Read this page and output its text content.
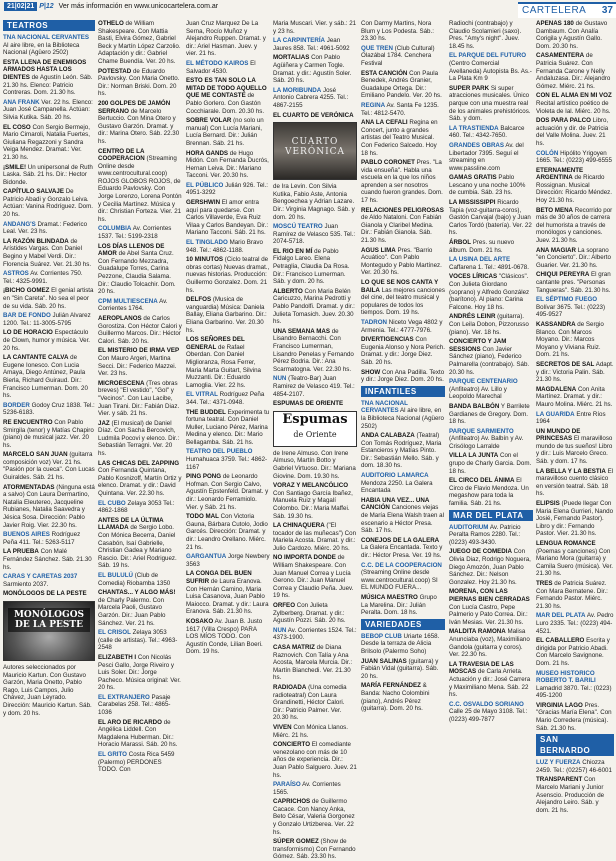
21|02|21 P|12 Ver más información en www.unicocartelera.com.ar	CARTELERA 37
TEATROS
TNA NACIONAL CERVANTES Al aire libre, en la Biblioteca Nacional (Agüero 2502)
ESTA LLENA DE ENEMIGOS ARMADOS HASTA LOS DIENTES de Agustín León. Sáb. 21.30 hs. Elenco: Patricio Contreras. Dom. 21.30 hs.
ANA FRANK Ver. 22 hs. Elenco: Juan José Campanella. Actúan: Silvia Kutika. Sáb. 20 hs.
EL COSO Con Sergio Bermejo, Mario Cimaroli, Natalia Fuertes, Giuliana Regazzoni y Sandra Veiga Mendez. Dramat.: Ver. 21.30 hs.
¡SMILE! Un unipersonal de Ruth Laska. Sáb. 21 hs. Dir.: Hector Bidonde.
CAPÍTULO SALVAJE De Patricio Abadi y Gonzalo Leiva. Actúan: Vanina Rodríguez. Dom. 20 hs.
ANDANG'S Dramat.: Federico Leal. Ver. 23 hs.
LA RAZÓN BLINDADA de Arístides Vargas. Con Daniel Begino y Mabel Verdi. Dir.: Florencia Suárez. Ver. 21.30 hs.
ASTROS Av. Corrientes 750. Tel.: 4325-9991.
¡BICHO GOMEZ El genial artista en "Sin Careta". No sea el peor de su vida. Sáb. 20 hs.
BAR DE FONDO Julián Alvarez 1200. Tel.: 11-3005-5795
LO DE HORACIO Espectáculo de Clown, humor y música. Ver. 20 hs.
LA CANTANTE CALVA de Eugene Ionesco. Con Lucia Amaya, Diego Antúnez, Paula Bierla, Richard Guiraud. Dir.: Francisco Lumerman. Dom. 20 hs.
BORDER Godoy Cruz 1838. Tel.: 5236-6183.
RE ENCUENTRO Con Pablo Smirgila (tenor) y Matías Chapiro (piano) de musical jazz. Ver. 20 hs.
MARCELO SAN JUAN (guitarra composición voz) Ver. 21 hs. "Pasión por la cueca". Con Lucas Guiraldes. Sáb. 21 hs.
ATORMENTADAS (Ninguna está a salvo) Con Laura Dermartino, Natalia Eleutereo, Jacqueline Rubianes, Natalia Saavedra y Jésica Sosa. Dirección: Pablo Javier Roig. Vier. 22.30 hs.
BUENOS AIRES Rodríguez Peña 411. Tel.: 5263-5117
LA PRUEBA Con Malé Fernández Sánchez. Sáb. 21.30 hs.
CARAS Y CARETAS 2037 Sarmiento 2037.
MONÓLOGOS DE LA PESTE
MONÓLOGOS DE LA PESTE
Autores seleccionados por Mauricio Kartun. Con Gustavo Garzón, Maria Onetto, Pablo Rago, Luis Campos, Julio Chávez, Juan Leyrado. Dirección: Mauricio Kartun. Sáb. y dom. 20 hs.
OTHELO de William Shakespeare. Con Mattia Basti, Elvira Gómez, Gabriel Beck y Martín López Carzolio. Adaptación y dir.: Gabriel Chame Buendía. Ver. 20 hs.
POTESTAD de Eduardo Pavlovsky. Con Maria Onetto. Dir.: Norman Briski. Dom. 20 hs.
200 GOLPES DE JAMÓN SERRANO de Marcelo Bertuccio. Con Mina Otero y Gustavo Garzón. Dramat. y dir.: Marina Otero. Sáb. 22.30 hs.
CENTRO DE LA COOPERACION (Streaming Online desde www.centrocultural.coop) ROJOS GLOBOS ROJOS, de Eduardo Pavlovsky. Con Jorge Lorenzo, Lorena Pontón y Cecilia Martínez. Música y dir.: Christian Forteza. Vier. 21 hs.
COLUMBIA Av. Corrientes 1537. Tel.: 5199-2318
LOS DÍAS LLENOS DE AMOR de Abel Santa Cruz. Con Fernando Mezzadra, Guadalupe Torres, Carina Pezzone, Claudia Salama. Dir.: Claudio Tolcachir. Dom. 20 hs.
CPM MULTIESCENA Av. Corrientes 1764.
AEROPLANOS de Carlos Gorostiza. Con Héctor Calori y Guillermo Marcos. Dir.: Héctor Calori. Sáb. 20 hs.
EL MISTERIO DE IRMA VEP Con Mauro Argeri, Martina Secci. Dir.: Federico Mazzei. Ver. 23 hs.
MICROESCENA (Tres obras breves) "El vestido", "Gol" y "Vecinos". Con Lau Lacibe, Juan Tirani. Dir.: Fabián Diaz. Vier. y sáb. 21 hs.
JAZ (El musical) de Daniel Díaz. Con Sacha Bercovich, Ludmila Pocovi y elenco. Dir.: Sebastián Terragni. Ver. 20 hs.
LAS CHICAS DEL ZAPPING Con Fernanda Quintana, Pablo Kosnizoff, Martín Ortiz y elenco. Dramat. y dir.: David Quintana. Ver. 22.30 hs.
EL CUBO Zelaya 3053 Tel.: 4862-1868
ANTES DE LA ÚLTIMA LLAMADA de Sergio Lobo. Con Mónica Becerra, Daniel Casabón, Isaí Gabrielle, Christian Gadea y Mariano Rascio. Dir.: Ariel Rodriguez. Sáb. 19 hs.
EL BULULÚ (Club de Comedia) Riobamba 1350
CHANTAS... Y ALGO MÁS! de Charly Palermo. Con Marcela Paoli, Gustavo Garzón. Dir.: Juan Pablo Sánchez. Ver. 21 hs.
EL CRISOL Zelaya 3053 (calle de artistas). Tel.: 4963-2548
ELIZABETH I Con Nicolás Pesci Gallo, Jorge Riveiro y Luis Soler. Dir.: Jorge Pacheco. Música original: Ver. 20 hs.
EL EXTRANJERO Pasaje Carabelas 258. Tel.: 4865-1036
EL ARO DE RICARDO de Angélica Liddell. Con Magdalena Huberman. Dir.: Horacio Marassi. Sáb. 20 hs.
EL GRITO Costa Rica 5459 (Palermo) PERDONES TODO. Con
Juan Cruz Marquez De La Serna, Rocío Muñoz y Alejandro Ruppen. Dramat. y dir.: Ariel Hasman. Juev. y vier. 21 hs.
EL MÉTODO KAIROS El Salvador 4530.
ESTO ES TAN SOLO LA MITAD DE TODO AQUELLO QUE ME CONTASTE de Pablo Gorlero. Con Gastón Cocchiarale. Dom. 20.30 hs.
SOBRE VOLAR (no solo un manual) Con Lucía Mariani, Lucía Bernard. Dir.: Julián Brennan. Sáb. 21 hs.
HORA GANDS de Hugo Midón. Con Fernanda Ducrós, Hernan Leiva. Dir.: Mariano Tacconi. Ver. 20.30 hs.
EL PÚBLICO Julián 926. Tel.: 4951-3292
GERSHWIN El amor entra aquí para quedarse. Con Carlos Villaverde, Eva Ruiz Vilaa y Carlos Bandeyan. Dir.: Mariano Tacconi. Sáb. 21 hs.
EL TINGLADO Mario Bravo 948. Tel.: 4862-1188.
10 MINUTOS (Ciclo teatral de obras cortas) Nuevas dramat., nuevas historias. Producción: Guillermo Gonzalez. Dom. 21 hs.
DELFOS (Musica de vanguardia) Música: Daniela Ballay, Eliana Garbarino. Dir.: Eliana Garbarino. Ver. 20.30 hs.
LOS SEÑORES DEL GENERAL de Rafael Oberdan. Con Daniel Miglioranza, Rosa Ferrer, Maria Marta Guitart, Silvina Muzzanti. Dir.: Eduardo Lamoglia. Vier. 22 hs.
EL VITRAL Rodríguez Peña 344. Tel.: 4371-0948.
THE BUDDEL Experimenta tu fortuna teatral. Con Daniel Muller, Luciano Pérez, Marina Medina y elenco. Dir.: Mario Bellagamba. Sáb. 21 hs.
TEATRO DEL PUEBLO Humahuaca 3759. Tel.: 4862-1167
PING PONG de Leonardo Hofman. Con Sergio Calvo, Agustín Epstenfeld. Dramat. y dir.: Leonardo Ferramiolo. Vier. y Sáb. 21 hs.
TODO MAL Con Victoria Gauna, Bárbara Cutolo, Jodio Garcés. Dirección: Dramat. y dir.: Leandro Orellano. Miérc. 21 hs.
GARGANTUA Jorge Newbery 3563
LA CONGA DEL BUEN SUFRIR de Laura Eranova. Con Hernán Camino, Maria Luisa Casanova, Juan Pablo Maiocco. Dramat. y dir.: Laura Eranova. Sáb. 21.30 hs.
KOSAKO Av. Juan B. Justo 1617 (Villa Crespo) PARA LOS MÍOS TODO. Con Agustín Conde, Lilian Boeri. Dom. 19 hs.
Maria Muscari. Vier. y sáb.: 21 y 23 hs.
LA CARPINTERÍA Jean Jaures 858. Tel.: 4961-5092
MORTALIAS Con Pablo Agüiñera y Carmen Togle. Dramat. y dir.: Agustín Soler. Sáb. 20 hs.
LA MORIBUNDA José Antonio Cabrera 4255. Tel.: 4867-2155
EL CUARTO DE VERÓNICA
CUARTO VERÓNICA
de Ira Levin. Con Silvia Kutika, Fabio Aste, Antonia Bengoechea y Adrian Lazare. Dir.: Virginia Magnago. Sáb. y dom. 20 hs.
MOSCÚ TEATRO Juan Ramírez de Velasco 535. Tel.: 2074-5718.
EL RIO EN MÍ de Pablo Fidalgo Lareo. Elena Petraglia, Claudia Da Rosa. Dir.: Francisco Lumerman. Sáb. y dom. 20 hs.
ALBERTO Con Maria Belén Caricuzzo, Marina Pedrotti y Pablo Pandolfi. Dramat. y dir.: Julieta Tomasich. Juev. 20.30 hs.
UNA SEMANA MAS de Lisandro Bernacchi. Con Francisco Lumerman, Lisandro Penelas y Fernando Pérez Bodria. Dir.: Ana Scarmatogna. Ver. 22.30 hs.
NUN (Teatro-Bar) Juan Ramirez de Velasco 419. Tel.: 4854-2107.
ESPUMAS DE ORIENTE
Espumas
de Oriente
de Irene Almuso. Con Irene Almuso, Martín Botto y Gabriel Virtuoso. Dir.: Mariana Giovine. Dom. 19.30 hs.
VORAZ Y MELANCÓLICO Con Santiago García Ibañez, Manuela Ruiz y Magalí Colombo. Dir.: Maria Maffei. Sáb. 19.30 hs.
LA CHINAQUERA ("El tocador de las muñecas") Con Mariela Acosta. Dramat. y dir.: Julio Cardozo. Miérc. 20 hs.
NO IMPORTA DONDE de William Shakespeare. Con Juan Manuel Correa y Lucía Gerono. Dir.: Juan Manuel Correa y Claudio Peña. Juev. 19 hs.
ORFEO Con Julieta Zylberberg. Dramat. y dir.: Agustín Pozzi. Sáb. 20 hs.
NUN Av. Corrientes 1524. Tel.: 4373-1900.
CASA MATRIZ de Diana Raznovich. Con Talía y Ana Acosta, Marcela Murcia. Dir.: Martín Bianchedi. Ver. 21.30 hs.
RADIOADA (Una comedia radioteatral) Con Laura Grandinetti, Héctor Calori. Dir.: Patricio Palmer. Ver. 20.30 hs.
VIVEN Con Mónica Llanos. Miérc. 21 hs.
CONCIERTO El comediante venezolano con más de 10 años de experiencia. Dir.: Juan Pablo Salguero. Juev. 21 hs.
PARAÍSO Av. Corrientes 1565.
CAPRICHOS de Guillermo Cacace. Con Nancy Anka, Beto César, Valeria Gorgonez y Gonzalo Urtizberea. Ver. 22 hs.
SÚPER GOMEZ (Show de transformismo) Con Fernando Gómez. Sáb. 23.30 hs.
Con Darmy Martins, Nora Blum y Los Podesta. Sáb.: 23.30 hs.
QUE TREN (Club Cultural) Olazábal 1784. Cenchera Festival
ESTA CANCIÓN Con Paula Benedek, Andrés Granier, Guadalupe Ortega. Dir.: Emiliano Pandelo. Ver. 20 hs.
REGINA Av. Santa Fe 1235. Tel.: 4812-5470.
ANA LA CEFALI Regina en Concert, junto a grandes artistas del Teatro Musical. Con Federico Salcedo. Hoy 18 hs.
PABLO CORONET Pres. "La vida ensueña". Habla una escuela en la que los niños aprenden a ser nosotros cuando fueron grandes. Dom. 17 hs.
RELACIONES PELIGROSAS de Aldo Nataloni. Con Fabián Gianola y Claribel Medina. Dir.: Fabián Gianola. Sáb. 21.30 hs.
AGUS LIMA Pres. "Barrio Acuático". Con Pablo Montegudo y Pablo Martínez. Ver. 20.30 hs.
LO QUE SE NOS CANTA Y BAILA Las mejores canciones del cine, del teatro musical y populares de todos los tiempos. Dom. 19 hs.
TADRON Niceto Vega 4802 y Armenia. Tel.: 4777-7976.
DIVERTIGENCIAS Con Eugenia Alonso y Nora Perich. Dramat. y dir.: Jorge Diez. Sáb. 20 hs.
SHOW Con Ana Padilla. Texto y dir.: Jorge Diez. Dom. 20 hs.
INFANTILES
TNA NACIONAL CERVANTES Al aire libre, en la Biblioteca Nacional (Agüero 2502)
ANDA CALABAZA (Teatral) Con Tomás Rodríguez, Maria Estancieros y Matías Pinto. Dir.: Sebastián Mello. Sáb. y dom. 18.30 hs.
AUDITORIO LAMARCA Mendoza 2250. La Galera Encantada
HABIA UNA VEZ... UNA CANCIÓN Canciones viejas de María Elena Walsh traen al escenario a Héctor Presa. Sáb. 17 hs.
CONEJOS DE LA GALERA La Galera Encantada. Texto y dir.: Héctor Presa. Ver. 19 hs.
C.C. DE LA COOPERACION (Streaming Online desde www.centrocultural.coop) SI EL MUNDO FUERA...
MÚSICA MAESTRO Grupo La Marelina. Dir.: Julián Peralta. Dom. 18 hs.
VARIEDADES
BEBOP CLUB Uriarte 1658. Desde la terraza de Alicia Brilsolo (Palermo Soho)
JUAN SALINAS (guitarra) y Fabián Vidal (guitarra). Sáb. 20 hs.
MARÍA FERNÁNDEZ & Banda: Nacho Colombini (piano), Andrés Pérez (guitarra). Dom. 20 hs.
Radiochi (contrabajo) y Claudio Scolamieri (saxo). Pres. "Amy's night". Juev. 18.45 hs.
EL PARQUE DEL FUTURO (Centro Comercial Avellaneda) Autopista Bs. As.-La Plata Km 9
SUPER PARK Si super atracciones musicales. Único parque con una muestra real de los animales prehistóricos. Sáb. y dom.
LA TRASTIENDA Balcarce 460. Tel.: 4342-7650.
GRANDES OBRAS Av. del Libertador 7395. Seguí el streaming en www.passline.com
GAMAS GRATIS Pablo Lescano y una noche 100% de cumbia. Sáb. 23 hs.
LA MISSISSIPPI Ricardo Tapia (voz-guitarra-coros), Gastón Carvajal (bajo) y Juan Carlos Tordó (batería). Ver. 22 hs.
ÁRBOL Pres. su nuevo álbum. Dom. 21 hs.
LA USINA DEL ARTE Caffarena 1. Tel.: 4891-0678.
VOCES LÍRICAS "Clásicos". Con Julieta Giordano (soprano) y Alfredo González (barítono). Al piano: Carina Falcone. Hoy 18 hs.
ANDRÉS LEINR (guitarra). Con Leila Dobon, Pizzorusso (piano). Ver. 18 hs.
CONCIERTO Y JAM SESSIONS Con Javier Sánchez (piano), Federico Palmarella (contrabajo). Sáb. 20.30 hs.
PARQUE CENTENARIO (Anfiteatro) Av. Lillo y Leopoldo Marechal
BANDA BALBÓN Y Barrilete Gardianes de Gregory. Dom. 18 hs.
PARQUE SARMIENTO (Anfiteatro) Av. Balbín y Av. Crisólogo Larralde
VILLA LA JUNTA Con el grupo de Charly Garcia. Dom. 18 hs.
EL CIRCO DEL ÁNIMA El Circo de Flavio Mendoza. Un megashow para toda la familia. Sáb. 21 hs.
MAR DEL PLATA
AUDITORIUM Av. Patricio Peralta Ramos 2280. Tel.: (0223) 493-3430.
JUEGO DE COMEDIA Con Olivia Diaz, Rodrigo Noguera, Diego Amozón, Juan Pablo Sánchez. Dir.: Nelson Gonzalez. Hoy 21.30 hs.
MORENA, CON LAS PIERNAS BIEN CERRADAS Con Lucía Castro, Pepe Palmerio y Pato Correa. Dir.: Iván Mesias. Ver. 21.30 hs.
MALDITA RAMONA Malisa Anunciaba (voz), Maximiliano Gandola (guitarra y coros). Ver. 22.30 hs.
LA TRAVESIA DE LAS MOSCAS de Carla Arrieta. Actuación y dir.: José Carrera y Maximiliano Mena. Sáb. 22 hs.
C.C. OSVALDO SORIANO Calle 25 de Mayo 3108. Tel.: (0223) 499-7877
APENAS 180 de Gustavo Dambaum. Con Analía Corigila y Agustín Gallo. Dom. 20.30 hs.
CASAMENTERA de Patricia Suárez. Con Fernanda Carone y Nelly Andaluzasa. Dir.: Alejandro Gómez. Miérc. 21 hs.
CON EL ALMA EN MI VOZ Recital artístico poético de Violeta de Ial. Miérc. 20 hs.
DOS PARA PALCO Libro, actuación y dir. de Patricia del Valle Molina. Juev. 21 hs.
COLÓN Hipólito Yrigoyen 1665. Tel.: (0223) 499-6555
ETERNAMENTE ARGENTINA de Ricardo Rossignan. Musical Dirección: Ricardo Méndez. Hoy 21.30 hs.
BETO MENA Recorrido por más de 30 años de carrera del humorista a través de monólogos y canciones. Juev. 21.30 hs.
ANA MAGIAR La soprano "en Concierto". Dir.: Alberto Guarier. Ver. 21.30 hs.
CHIQUI PEREYRA El gran cantante pres. "Personas Tangueras". Sáb. 21.30 hs.
EL SÉPTIMO FUEGO Bolívar 3675. Tel.: (0223) 495-9527
KASSANDRA de Sergio Blanco. Con Marcos Moyano. Dir.: Marcos Moyano y Viviana Ruiz. Dom. 21 hs.
SECRETOS DE SAL Adapt. y dir.: Victoria Palin. Sáb. 21.30 hs.
MAGDALENA Con Anita Martínez. Dramat. y dir.: Mauro Molina. Miérc. 21 hs.
LA GUARIDA Entre Ríos 1964
UN MUNDO DE PRINCESAS El maravilloso mundo de tus sueños! Libro y dir.: Luis Marcelo Greco. Sáb. y dom. 17 hs.
LA BELLA Y LA BESTIA El maravilloso cuento clásico en versión teatral. Sáb. 18 hs.
ELIPSIS (Puede llegar Con Maria Elena Gurrieri, Nando Josié, Fernando Pastor). Libro y dir.: Fernando Pastor. Vier. 21.30 hs.
LENGUA ROMANCE (Poemas y canciones) Con Mariano Mora (guitarra) y Camila Suero (música). Ver. 21.30 hs.
TRES de Patricia Suárez. Con Mara Bernatene. Dir.: Fernando Pastor. Miérc. 21.30 hs.
MAR DEL PLATA Av. Pedro Luro 2335. Tel.: (0223) 494-4521.
EL CABALLERO Escrita y dirigida por Patricio Abadi. Con Marcelo Savignone. Dom. 21 hs.
MUSEO HISTORICO ROBERTO T. BARILI Lamadrid 3870. Tel.: (0223) 495-1200
VIRGINIA LAGO Pres. "Gracias María Elena". Con Mario Correderа (música). Sáb. 21.30 hs.
SAN BERNARDO
LUZ Y FUERZA Chiozza 2459. Tel.: (02257) 46-6001
TRANSPARENT Con Marcelo Mariani y Junior Asenscio. Producción de Alejandro Leiro. Sáb. y dom. 21 hs.
